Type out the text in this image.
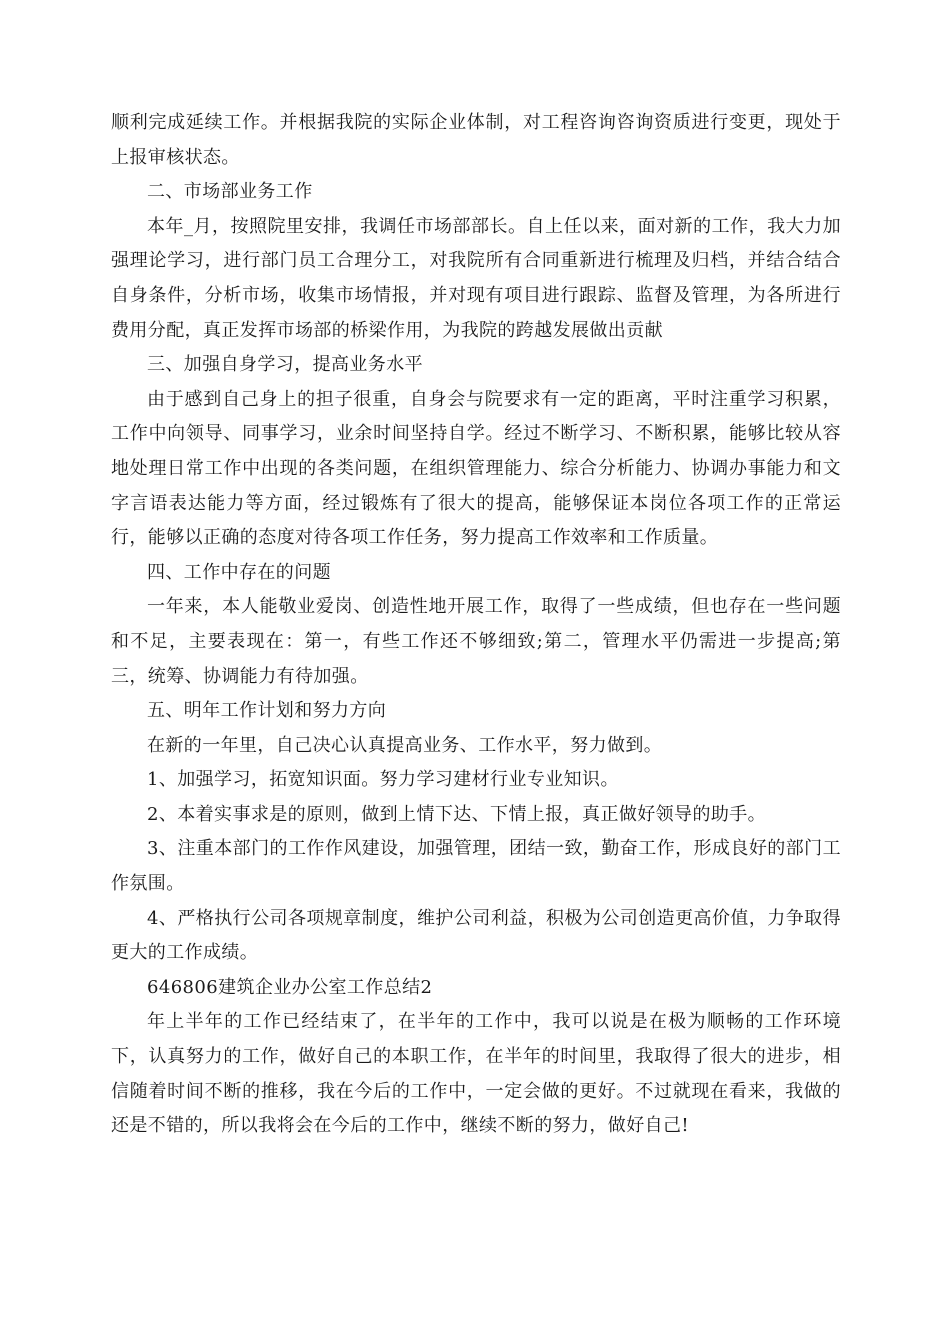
顺利完成延续工作。并根据我院的实际企业体制，对工程咨询咨询资质进行变更，现处于上报审核状态。

二、市场部业务工作

本年_月，按照院里安排，我调任市场部部长。自上任以来，面对新的工作，我大力加强理论学习，进行部门员工合理分工，对我院所有合同重新进行梳理及归档，并结合结合自身条件，分析市场，收集市场情报，并对现有项目进行跟踪、监督及管理，为各所进行费用分配，真正发挥市场部的桥梁作用，为我院的跨越发展做出贡献

三、加强自身学习，提高业务水平

由于感到自己身上的担子很重，自身会与院要求有一定的距离，平时注重学习积累，工作中向领导、同事学习，业余时间坚持自学。经过不断学习、不断积累，能够比较从容地处理日常工作中出现的各类问题，在组织管理能力、综合分析能力、协调办事能力和文字言语表达能力等方面，经过锻炼有了很大的提高，能够保证本岗位各项工作的正常运行，能够以正确的态度对待各项工作任务，努力提高工作效率和工作质量。

四、工作中存在的问题

一年来，本人能敬业爱岗、创造性地开展工作，取得了一些成绩，但也存在一些问题和不足，主要表现在：第一，有些工作还不够细致;第二，管理水平仍需进一步提高;第三，统筹、协调能力有待加强。

五、明年工作计划和努力方向

在新的一年里，自己决心认真提高业务、工作水平，努力做到。

1、加强学习，拓宽知识面。努力学习建材行业专业知识。

2、本着实事求是的原则，做到上情下达、下情上报，真正做好领导的助手。

3、注重本部门的工作作风建设，加强管理，团结一致，勤奋工作，形成良好的部门工作氛围。

4、严格执行公司各项规章制度，维护公司利益，积极为公司创造更高价值，力争取得更大的工作成绩。

646806建筑企业办公室工作总结2

年上半年的工作已经结束了，在半年的工作中，我可以说是在极为顺畅的工作环境下，认真努力的工作，做好自己的本职工作，在半年的时间里，我取得了很大的进步，相信随着时间不断的推移，我在今后的工作中，一定会做的更好。不过就现在看来，我做的还是不错的，所以我将会在今后的工作中，继续不断的努力，做好自己!
